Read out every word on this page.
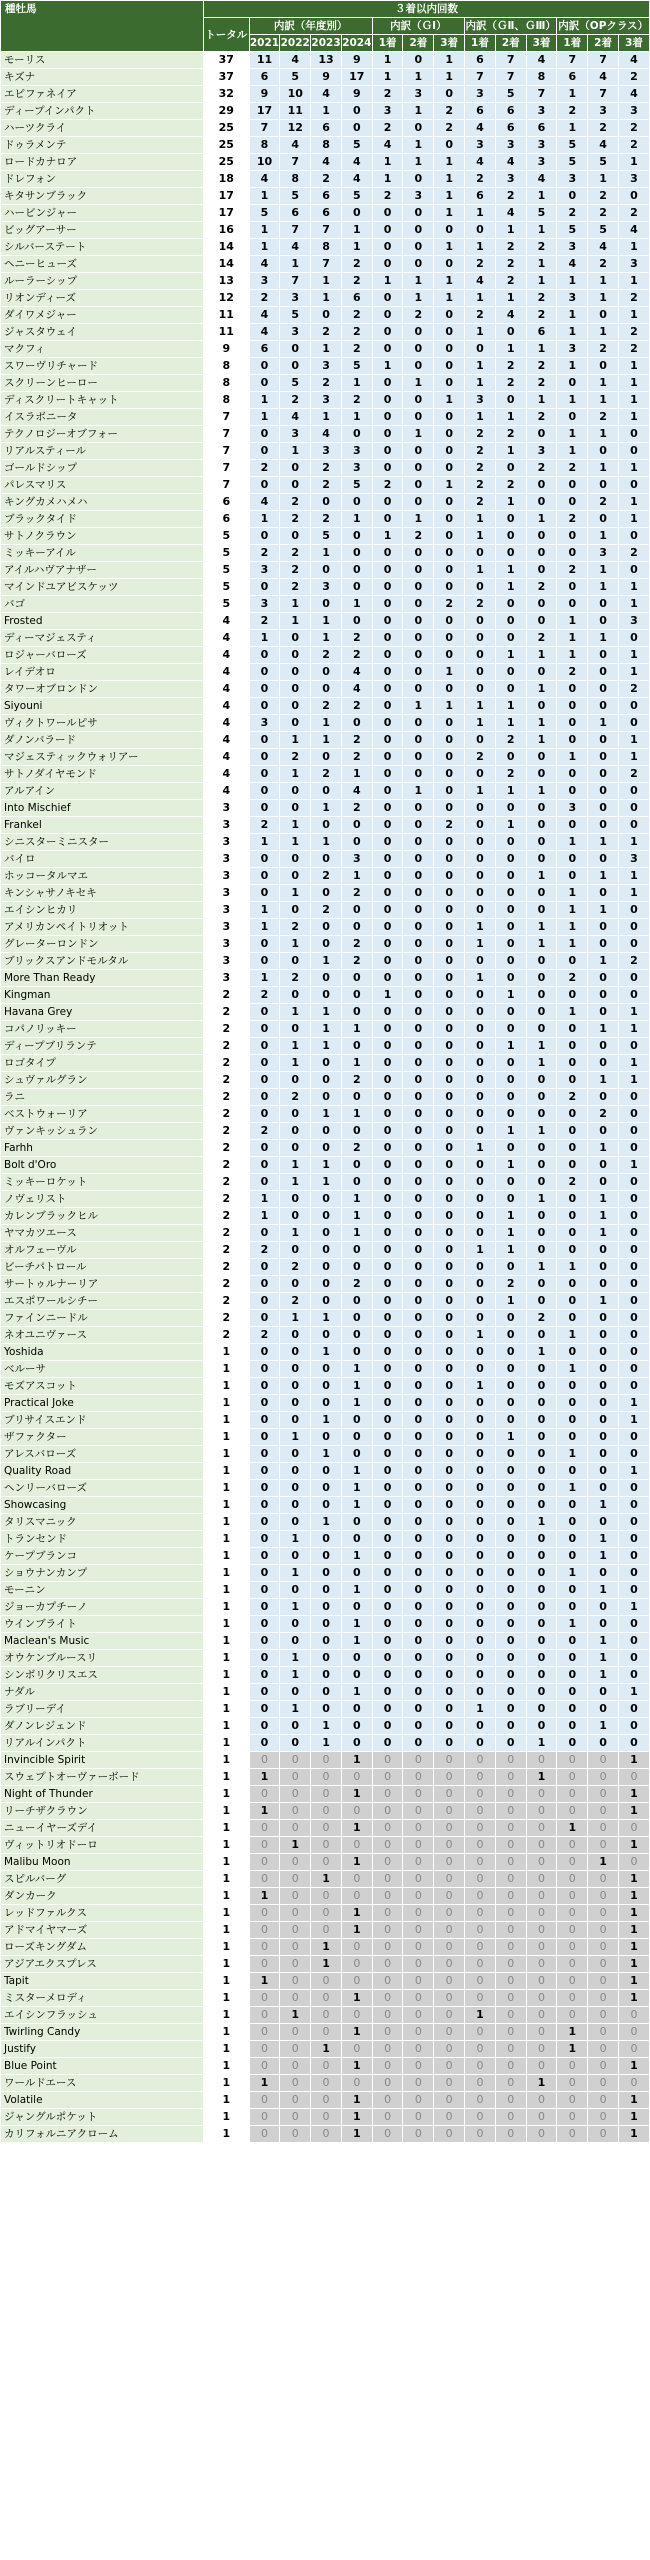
種牡馬	３着以内回数													
	トータル	内訳（年度別）				内訳（ＧⅠ）			内訳（ＧⅡ、ＧⅢ）			内訳（OPクラス）		
		2021	2022	2023	2024	1着	2着	3着	1着	2着	3着	1着	2着	3着
モーリス	37	11	4	13	9	1	0	1	6	7	4	7	7	4
キズナ	37	6	5	9	17	1	1	1	7	7	8	6	4	2
エピファネイア	32	9	10	4	9	2	3	0	3	5	7	1	7	4
ディープインパクト	29	17	11	1	0	3	1	2	6	6	3	2	3	3
ハーツクライ	25	7	12	6	0	2	0	2	4	6	6	1	2	2
ドゥラメンテ	25	8	4	8	5	4	1	0	3	3	3	5	4	2
ロードカナロア	25	10	7	4	4	1	1	1	4	4	3	5	5	1
ドレフォン	18	4	8	2	4	1	0	1	2	3	4	3	1	3
キタサンブラック	17	1	5	6	5	2	3	1	6	2	1	0	2	0
ハービンジャー	17	5	6	6	0	0	0	1	1	4	5	2	2	2
ビッグアーサー	16	1	7	7	1	0	0	0	0	1	1	5	5	4
シルバーステート	14	1	4	8	1	0	0	1	1	2	2	3	4	1
ヘニーヒューズ	14	4	1	7	2	0	0	0	2	2	1	4	2	3
ルーラーシップ	13	3	7	1	2	1	1	1	4	2	1	1	1	1
リオンディーズ	12	2	3	1	6	0	1	1	1	1	2	3	1	2
ダイワメジャー	11	4	5	0	2	0	2	0	2	4	2	1	0	1
ジャスタウェイ	11	4	3	2	2	0	0	0	1	0	6	1	1	2
マクフィ	9	6	0	1	2	0	0	0	0	1	1	3	2	2
スワーヴリチャード	8	0	0	3	5	1	0	0	1	2	2	1	0	1
スクリーンヒーロー	8	0	5	2	1	0	1	0	1	2	2	0	1	1
ディスクリートキャット	8	1	2	3	2	0	0	1	3	0	1	1	1	1
イスラボニータ	7	1	4	1	1	0	0	0	1	1	2	0	2	1
テクノロジーオブフォー	7	0	3	4	0	0	1	0	2	2	0	1	1	0
リアルスティール	7	0	1	3	3	0	0	0	2	1	3	1	0	0
ゴールドシップ	7	2	0	2	3	0	0	0	2	0	2	2	1	1
パレスマリス	7	0	0	2	5	2	0	1	2	2	0	0	0	0
キングカメハメハ	6	4	2	0	0	0	0	0	2	1	0	0	2	1
ブラックタイド	6	1	2	2	1	0	1	0	1	0	1	2	0	1
サトノクラウン	5	0	0	5	0	1	2	0	1	0	0	0	1	0
ミッキーアイル	5	2	2	1	0	0	0	0	0	0	0	0	3	2
アイルハヴアナザー	5	3	2	0	0	0	0	0	1	1	0	2	1	0
マインドユアビスケッツ	5	0	2	3	0	0	0	0	0	1	2	0	1	1
バゴ	5	3	1	0	1	0	0	2	2	0	0	0	0	1
Frosted	4	2	1	1	0	0	0	0	0	0	0	1	0	3
ディーマジェスティ	4	1	0	1	2	0	0	0	0	0	2	1	1	0
ロジャーバローズ	4	0	0	2	2	0	0	0	0	1	1	1	0	1
レイデオロ	4	0	0	0	4	0	0	1	0	0	0	2	0	1
タワーオブロンドン	4	0	0	0	4	0	0	0	0	0	1	0	0	2
Siyouni	4	0	0	2	2	0	1	1	1	1	0	0	0	0
ヴィクトワールピサ	4	3	0	1	0	0	0	0	1	1	1	0	1	0
ダノンバラード	4	0	1	1	2	0	0	0	0	2	1	0	0	1
マジェスティックウォリアー	4	0	2	0	2	0	0	0	2	0	0	1	0	1
サトノダイヤモンド	4	0	1	2	1	0	0	0	0	2	0	0	0	2
アルアイン	4	0	0	0	4	0	1	0	1	1	1	0	0	0
Into Mischief	3	0	0	1	2	0	0	0	0	0	0	3	0	0
Frankel	3	2	1	0	0	0	0	2	0	1	0	0	0	0
シニスターミニスター	3	1	1	1	0	0	0	0	0	0	0	1	1	1
バイロ	3	0	0	0	3	0	0	0	0	0	0	0	0	3
ホッコータルマエ	3	0	0	2	1	0	0	0	0	0	1	0	1	1
キンシャサノキセキ	3	0	1	0	2	0	0	0	0	0	0	1	0	1
エイシンヒカリ	3	1	0	2	0	0	0	0	0	0	0	1	1	0
アメリカンペイトリオット	3	1	2	0	0	0	0	0	1	0	1	1	0	0
グレーターロンドン	3	0	1	0	2	0	0	0	1	0	1	1	0	0
ブリックスアンドモルタル	3	0	0	1	2	0	0	0	0	0	0	0	1	2
More Than Ready	3	1	2	0	0	0	0	0	1	0	0	2	0	0
Kingman	2	2	0	0	0	1	0	0	0	1	0	0	0	0
Havana Grey	2	0	1	1	0	0	0	0	0	0	0	1	0	1
コパノリッキー	2	0	0	1	1	0	0	0	0	0	0	0	1	1
ディープブリランテ	2	0	1	1	0	0	0	0	0	1	1	0	0	0
ロゴタイプ	2	0	1	0	1	0	0	0	0	0	1	0	0	1
シュヴァルグラン	2	0	0	0	2	0	0	0	0	0	0	0	1	1
ラニ	2	0	2	0	0	0	0	0	0	0	0	2	0	0
ベストウォーリア	2	0	0	1	1	0	0	0	0	0	0	0	2	0
ヴァンキッシュラン	2	2	0	0	0	0	0	0	0	1	1	0	0	0
Farhh	2	0	0	0	2	0	0	0	1	0	0	0	1	0
Bolt d'Oro	2	0	1	1	0	0	0	0	0	1	0	0	0	1
ミッキーロケット	2	0	1	1	0	0	0	0	0	0	0	2	0	0
ノヴェリスト	2	1	0	0	1	0	0	0	0	0	1	0	1	0
カレンブラックヒル	2	1	0	0	1	0	0	0	0	1	0	0	1	0
ヤマカツエース	2	0	1	0	1	0	0	0	0	1	0	0	1	0
オルフェーヴル	2	2	0	0	0	0	0	0	1	1	0	0	0	0
ビーチパトロール	2	0	2	0	0	0	0	0	0	0	1	1	0	0
サートゥルナーリア	2	0	0	0	2	0	0	0	0	2	0	0	0	0
エスポワールシチー	2	0	2	0	0	0	0	0	0	1	0	0	1	0
ファインニードル	2	0	1	1	0	0	0	0	0	0	2	0	0	0
ネオユニヴァース	2	2	0	0	0	0	0	0	1	0	0	1	0	0
Yoshida	1	0	0	1	0	0	0	0	0	0	1	0	0	0
ベルーサ	1	0	0	0	1	0	0	0	0	0	0	1	0	0
モズアスコット	1	0	0	0	1	0	0	0	1	0	0	0	0	0
Practical Joke	1	0	0	0	1	0	0	0	0	0	0	0	0	1
ブリサイスエンド	1	0	0	1	0	0	0	0	0	0	0	0	0	1
ザファクター	1	0	1	0	0	0	0	0	0	1	0	0	0	0
アレスバローズ	1	0	0	1	0	0	0	0	0	0	0	1	0	0
Quality Road	1	0	0	0	1	0	0	0	0	0	0	0	0	1
ヘンリーバローズ	1	0	0	0	1	0	0	0	0	0	0	1	0	0
Showcasing	1	0	0	0	1	0	0	0	0	0	0	0	1	0
タリスマニック	1	0	0	1	0	0	0	0	0	0	1	0	0	0
トランセンド	1	0	1	0	0	0	0	0	0	0	0	0	1	0
ケープブランコ	1	0	0	0	1	0	0	0	0	0	0	0	1	0
ショウナンカンプ	1	0	1	0	0	0	0	0	0	0	0	1	0	0
モーニン	1	0	0	0	1	0	0	0	0	0	0	0	1	0
ジョーカプチーノ	1	0	1	0	0	0	0	0	0	0	0	0	0	1
ウインブライト	1	0	0	0	1	0	0	0	0	0	0	1	0	0
Maclean's Music	1	0	0	0	1	0	0	0	0	0	0	0	1	0
オウケンブルースリ	1	0	1	0	0	0	0	0	0	0	0	0	1	0
シンボリクリスエス	1	0	1	0	0	0	0	0	0	0	0	0	1	0
ナダル	1	0	0	0	1	0	0	0	0	0	0	0	0	1
ラブリーデイ	1	0	1	0	0	0	0	0	1	0	0	0	0	0
ダノンレジェンド	1	0	0	1	0	0	0	0	0	0	0	0	1	0
リアルインパクト	1	0	0	1	0	0	0	0	0	0	1	0	0	0
Invincible Spirit	1	0	0	0	1	0	0	0	0	0	0	0	0	1
スウェプトオーヴァーボード	1	1	0	0	0	0	0	0	0	0	1	0	0	0
Night of Thunder	1	0	0	0	1	0	0	0	0	0	0	0	0	1
リーチザクラウン	1	1	0	0	0	0	0	0	0	0	0	0	0	1
ニューイヤーズデイ	1	0	0	0	1	0	0	0	0	0	0	1	0	0
ヴィットリオドーロ	1	0	1	0	0	0	0	0	0	0	0	0	0	1
Malibu Moon	1	0	0	0	1	0	0	0	0	0	0	0	1	0
スピルバーグ	1	0	0	1	0	0	0	0	0	0	0	0	0	1
ダンカーク	1	1	0	0	0	0	0	0	0	0	0	0	0	1
レッドファルクス	1	0	0	0	1	0	0	0	0	0	0	0	0	1
アドマイヤマーズ	1	0	0	0	1	0	0	0	0	0	0	0	0	1
ローズキングダム	1	0	0	1	0	0	0	0	0	0	0	0	0	1
アジアエクスプレス	1	0	0	1	0	0	0	0	0	0	0	0	0	1
Tapit	1	1	0	0	0	0	0	0	0	0	0	0	0	1
ミスターメロディ	1	0	0	0	1	0	0	0	0	0	0	0	0	1
エイシンフラッシュ	1	0	1	0	0	0	0	0	1	0	0	0	0	0
Twirling Candy	1	0	0	0	1	0	0	0	0	0	0	1	0	0
Justify	1	0	0	1	0	0	0	0	0	0	0	1	0	0
Blue Point	1	0	0	0	1	0	0	0	0	0	0	0	0	1
ワールドエース	1	1	0	0	0	0	0	0	0	0	1	0	0	0
Volatile	1	0	0	0	1	0	0	0	0	0	0	0	0	1
ジャングルポケット	1	0	0	0	1	0	0	0	0	0	0	0	0	1
カリフォルニアクローム	1	0	0	0	1	0	0	0	0	0	0	0	0	1
